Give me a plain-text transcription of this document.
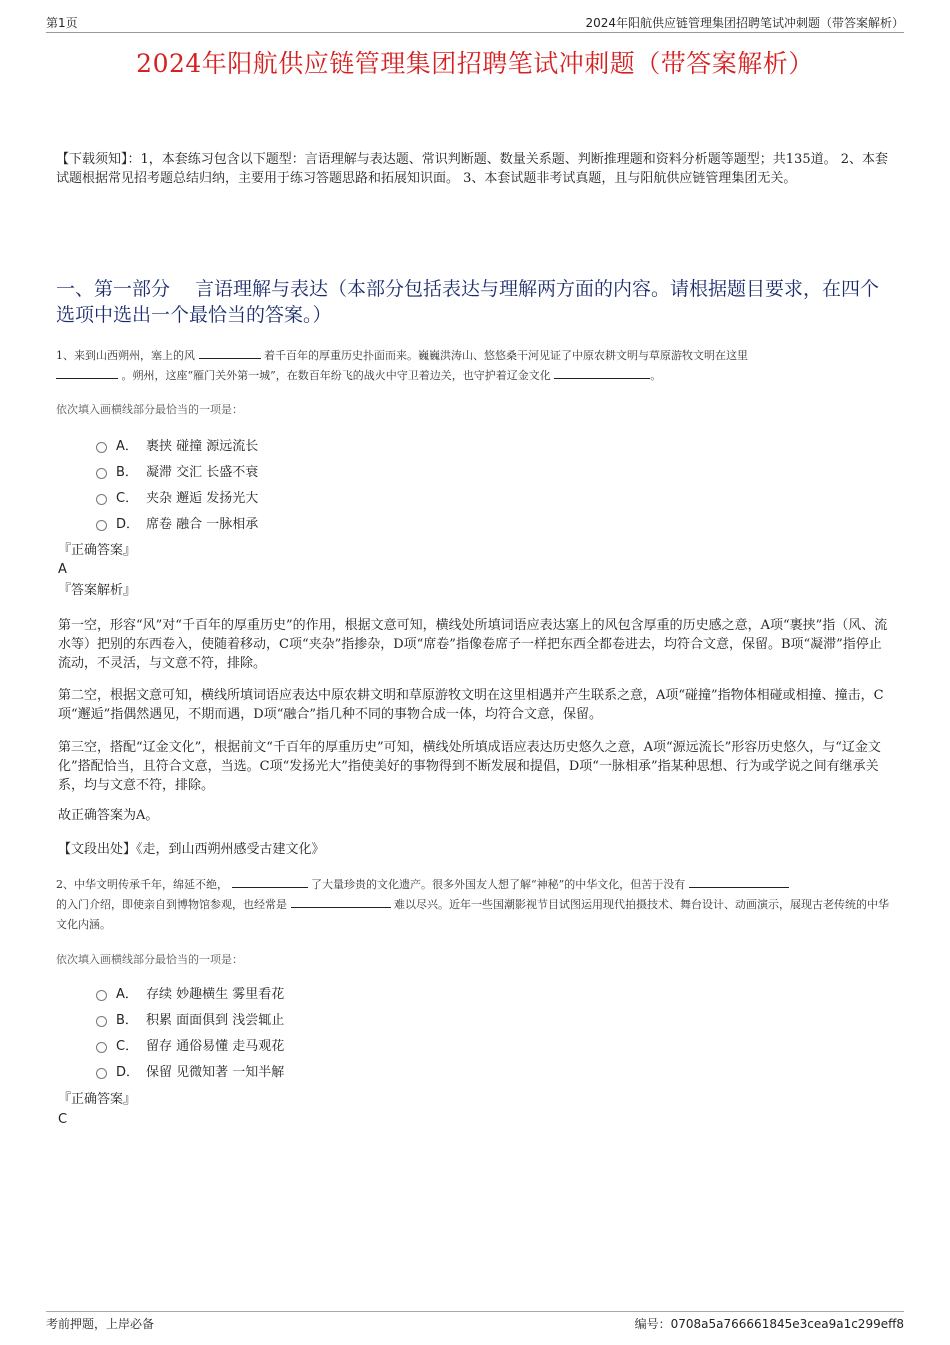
第1页	2024年阳航供应链管理集团招聘笔试冲刺题（带答案解析）
2024年阳航供应链管理集团招聘笔试冲刺题（带答案解析）
【下载须知】：1，本套练习包含以下题型：言语理解与表达题、常识判断题、数量关系题、判断推理题和资料分析题等题型；共135道。 2、本套试题根据常见招考题总结归纳，主要用于练习答题思路和拓展知识面。 3、本套试题非考试真题，且与阳航供应链管理集团无关。
一、第一部分　 言语理解与表达（本部分包括表达与理解两方面的内容。请根据题目要求，在四个选项中选出一个最恰当的答案。）
1、来到山西朔州，塞上的风	着千百年的厚重历史扑面而来。巍巍洪涛山、悠悠桑干河见证了中原农耕文明与草原游牧文明在这里
。朔州，这座“雁门关外第一城”，在数百年纷飞的战火中守卫着边关，也守护着辽金文化	。
依次填入画横线部分最恰当的一项是：
A． 裹挟 碰撞 源远流长
B． 凝滞 交汇 长盛不衰
C． 夹杂 邂逅 发扬光大
D． 席卷 融合 一脉相承
『正确答案』
A
『答案解析』
第一空，形容“风”对“千百年的厚重历史”的作用，根据文意可知，横线处所填词语应表达塞上的风包含厚重的历史感之意，A项“裹挟”指（风、流水等）把别的东西卷入，使随着移动，C项“夹杂”指掺杂，D项“席卷”指像卷席子一样把东西全都卷进去，均符合文意，保留。B项“凝滞”指停止流动，不灵活，与文意不符，排除。
第二空，根据文意可知，横线所填词语应表达中原农耕文明和草原游牧文明在这里相遇并产生联系之意，A项“碰撞”指物体相碰或相撞、撞击，C项“邂逅”指偶然遇见，不期而遇，D项“融合”指几种不同的事物合成一体，均符合文意，保留。
第三空，搭配“辽金文化”，根据前文“千百年的厚重历史”可知，横线处所填成语应表达历史悠久之意，A项“源远流长”形容历史悠久，与“辽金文化”搭配恰当，且符合文意，当选。C项“发扬光大”指使美好的事物得到不断发展和提倡，D项“一脉相承”指某种思想、行为或学说之间有继承关系，均与文意不符，排除。
故正确答案为A。
【文段出处】《走，到山西朔州感受古建文化》
2、中华文明传承千年，绵延不绝，	了大量珍贵的文化遗产。很多外国友人想了解“神秘”的中华文化，但苦于没有
的入门介绍，即使亲自到博物馆参观，也经常是	难以尽兴。近年一些国潮影视节目试图运用现代拍摄技术、舞台设计、动画演示，展现古老传统的中华文化内涵。
依次填入画横线部分最恰当的一项是：
A． 存续 妙趣横生 雾里看花
B． 积累 面面俱到 浅尝辄止
C． 留存 通俗易懂 走马观花
D． 保留 见微知著 一知半解
『正确答案』
C
考前押题，上岸必备	编号：0708a5a766661845e3cea9a1c299eff8
